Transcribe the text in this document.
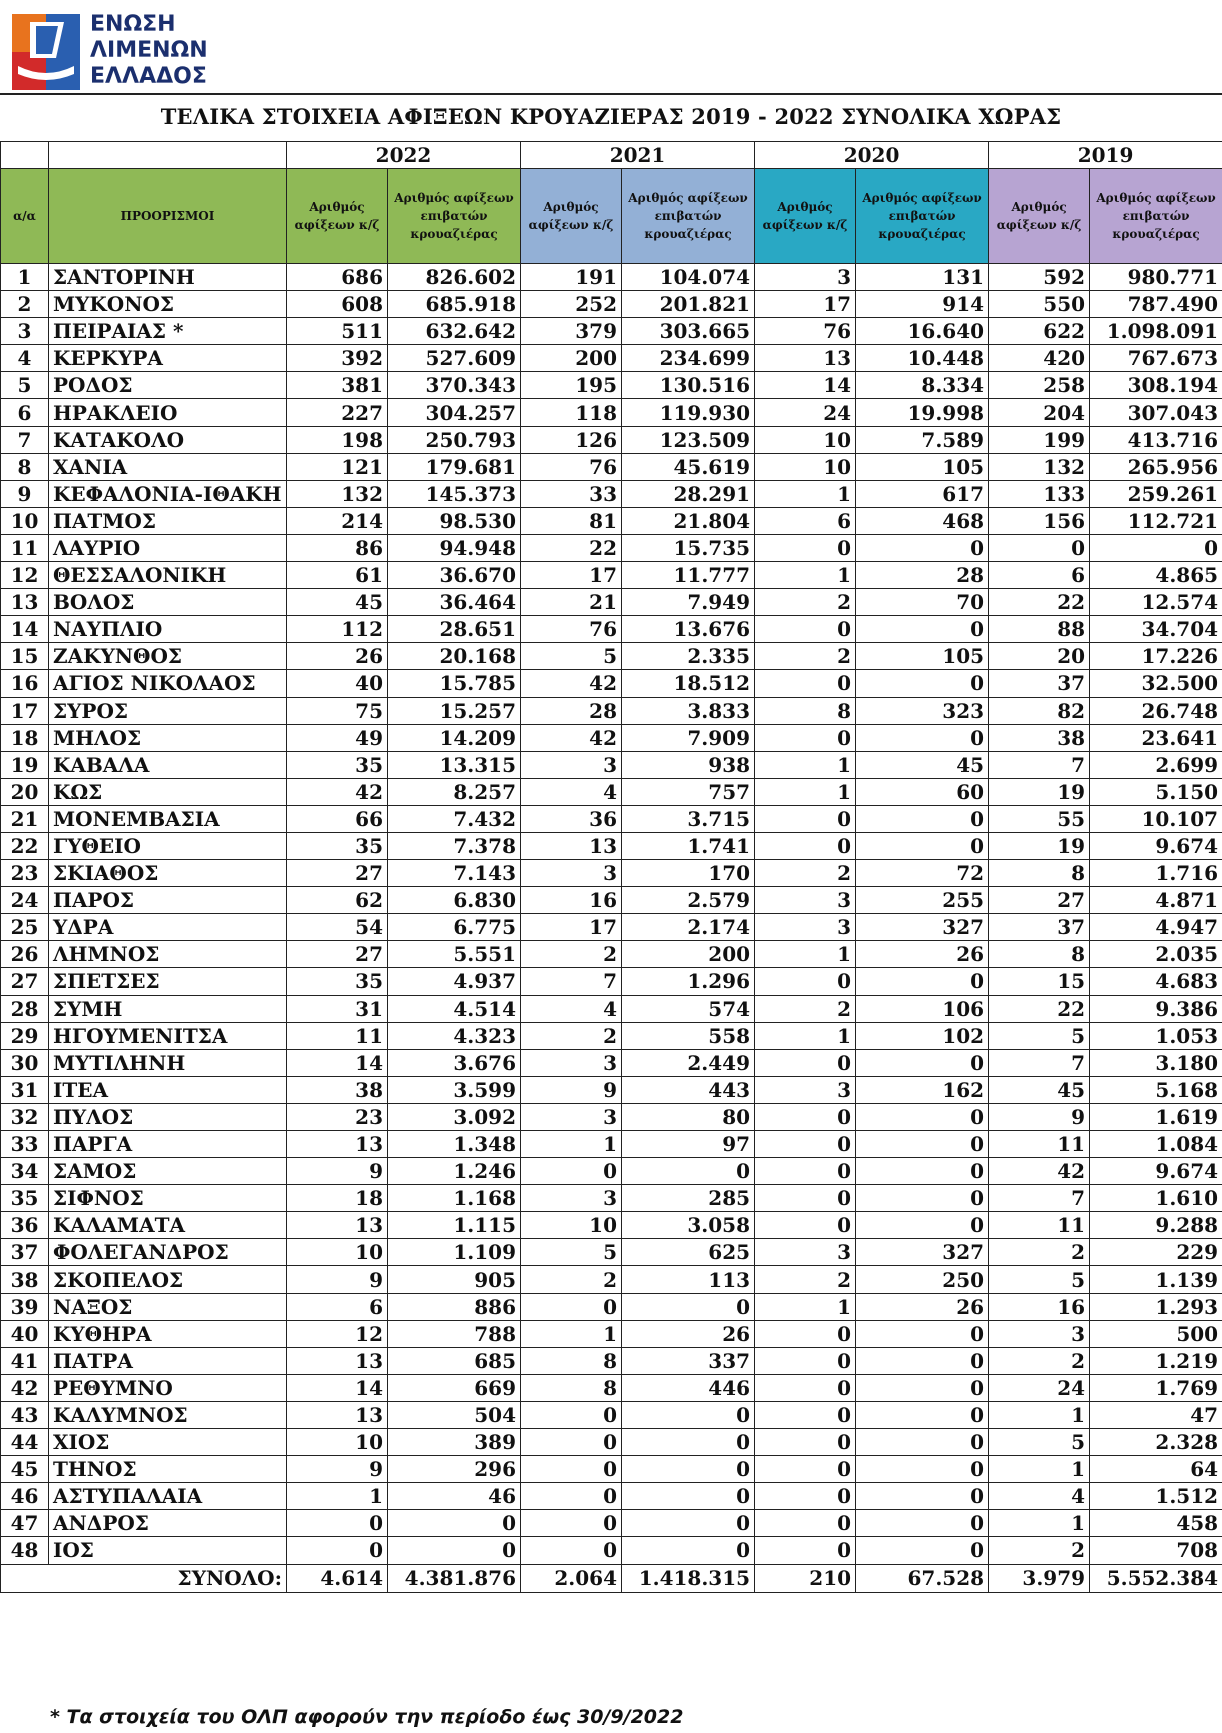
ΕΝΩΣΗ
ΛΙΜΕΝΩΝ
ΕΛΛΑΔΟΣ
ΤΕΛΙΚΑ ΣΤΟΙΧΕΙΑ ΑΦΙΞΕΩΝ ΚΡΟΥΑΖΙΕΡΑΣ 2019 - 2022 ΣΥΝΟΛΙΚΑ ΧΩΡΑΣ
		2022		2021		2020		2019	
α/α	ΠΡΟΟΡΙΣΜΟΙ	Αριθμός αφίξεων κ/ζ	Αριθμός αφίξεων επιβατών κρουαζιέρας	Αριθμός αφίξεων κ/ζ	Αριθμός αφίξεων επιβατών κρουαζιέρας	Αριθμός αφίξεων κ/ζ	Αριθμός αφίξεων επιβατών κρουαζιέρας	Αριθμός αφίξεων κ/ζ	Αριθμός αφίξεων επιβατών κρουαζιέρας
1	ΣΑΝΤΟΡΙΝΗ	686	826.602	191	104.074	3	131	592	980.771
2	ΜΥΚΟΝΟΣ	608	685.918	252	201.821	17	914	550	787.490
3	ΠΕΙΡΑΙΑΣ *	511	632.642	379	303.665	76	16.640	622	1.098.091
4	ΚΕΡΚΥΡΑ	392	527.609	200	234.699	13	10.448	420	767.673
5	ΡΟΔΟΣ	381	370.343	195	130.516	14	8.334	258	308.194
6	ΗΡΑΚΛΕΙΟ	227	304.257	118	119.930	24	19.998	204	307.043
7	ΚΑΤΑΚΟΛΟ	198	250.793	126	123.509	10	7.589	199	413.716
8	ΧΑΝΙΑ	121	179.681	76	45.619	10	105	132	265.956
9	ΚΕΦΑΛΟΝΙΑ-ΙΘΑΚΗ	132	145.373	33	28.291	1	617	133	259.261
10	ΠΑΤΜΟΣ	214	98.530	81	21.804	6	468	156	112.721
11	ΛΑΥΡΙΟ	86	94.948	22	15.735	0	0	0	0
12	ΘΕΣΣΑΛΟΝΙΚΗ	61	36.670	17	11.777	1	28	6	4.865
13	ΒΟΛΟΣ	45	36.464	21	7.949	2	70	22	12.574
14	ΝΑΥΠΛΙΟ	112	28.651	76	13.676	0	0	88	34.704
15	ΖΑΚΥΝΘΟΣ	26	20.168	5	2.335	2	105	20	17.226
16	ΑΓΙΟΣ ΝΙΚΟΛΑΟΣ	40	15.785	42	18.512	0	0	37	32.500
17	ΣΥΡΟΣ	75	15.257	28	3.833	8	323	82	26.748
18	ΜΗΛΟΣ	49	14.209	42	7.909	0	0	38	23.641
19	ΚΑΒΑΛΑ	35	13.315	3	938	1	45	7	2.699
20	ΚΩΣ	42	8.257	4	757	1	60	19	5.150
21	ΜΟΝΕΜΒΑΣΙΑ	66	7.432	36	3.715	0	0	55	10.107
22	ΓΥΘΕΙΟ	35	7.378	13	1.741	0	0	19	9.674
23	ΣΚΙΑΘΟΣ	27	7.143	3	170	2	72	8	1.716
24	ΠΑΡΟΣ	62	6.830	16	2.579	3	255	27	4.871
25	ΥΔΡΑ	54	6.775	17	2.174	3	327	37	4.947
26	ΛΗΜΝΟΣ	27	5.551	2	200	1	26	8	2.035
27	ΣΠΕΤΣΕΣ	35	4.937	7	1.296	0	0	15	4.683
28	ΣΥΜΗ	31	4.514	4	574	2	106	22	9.386
29	ΗΓΟΥΜΕΝΙΤΣΑ	11	4.323	2	558	1	102	5	1.053
30	ΜΥΤΙΛΗΝΗ	14	3.676	3	2.449	0	0	7	3.180
31	ΙΤΕΑ	38	3.599	9	443	3	162	45	5.168
32	ΠΥΛΟΣ	23	3.092	3	80	0	0	9	1.619
33	ΠΑΡΓΑ	13	1.348	1	97	0	0	11	1.084
34	ΣΑΜΟΣ	9	1.246	0	0	0	0	42	9.674
35	ΣΙΦΝΟΣ	18	1.168	3	285	0	0	7	1.610
36	ΚΑΛΑΜΑΤΑ	13	1.115	10	3.058	0	0	11	9.288
37	ΦΟΛΕΓΑΝΔΡΟΣ	10	1.109	5	625	3	327	2	229
38	ΣΚΟΠΕΛΟΣ	9	905	2	113	2	250	5	1.139
39	ΝΑΞΟΣ	6	886	0	0	1	26	16	1.293
40	ΚΥΘΗΡΑ	12	788	1	26	0	0	3	500
41	ΠΑΤΡΑ	13	685	8	337	0	0	2	1.219
42	ΡΕΘΥΜΝΟ	14	669	8	446	0	0	24	1.769
43	ΚΑΛΥΜΝΟΣ	13	504	0	0	0	0	1	47
44	ΧΙΟΣ	10	389	0	0	0	0	5	2.328
45	ΤΗΝΟΣ	9	296	0	0	0	0	1	64
46	ΑΣΤΥΠΑΛΑΙΑ	1	46	0	0	0	0	4	1.512
47	ΑΝΔΡΟΣ	0	0	0	0	0	0	1	458
48	ΙΟΣ	0	0	0	0	0	0	2	708
ΣΥΝΟΛΟ:		4.614	4.381.876	2.064	1.418.315	210	67.528	3.979	5.552.384
* Τα στοιχεία του ΟΛΠ αφορούν την περίοδο έως 30/9/2022
